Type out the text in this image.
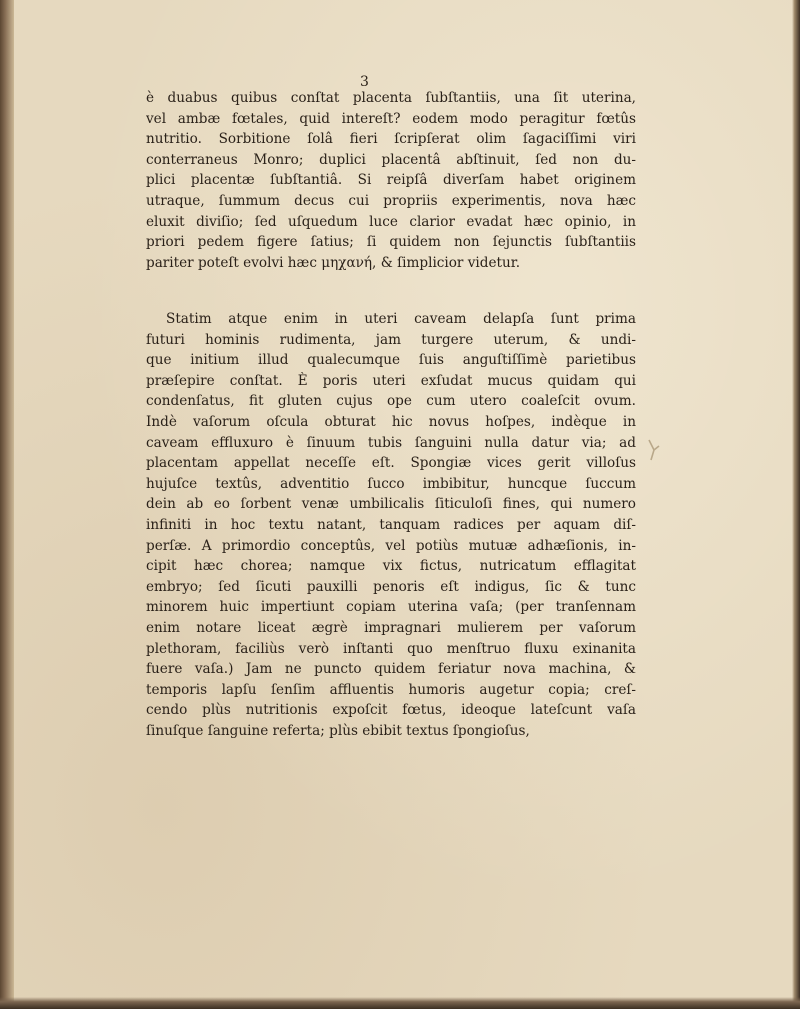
3

è duabus quibus conſtat placenta ſubſtantiis, una ſit uterina,
vel ambæ fœtales, quid intereſt? eodem modo peragitur fœtûs
nutritio. Sorbitione ſolâ fieri ſcripſerat olim ſagaciſſimi viri
conterraneus Monro; duplici placentâ abſtinuit, ſed non du-
plici placentæ ſubſtantiâ. Si reipſâ diverſam habet originem
utraque, ſummum decus cui propriis experimentis, nova hæc
eluxit diviſio; ſed uſquedum luce clarior evadat hæc opinio, in
priori pedem figere ſatius; ſi quidem non ſejunctis ſubſtantiis
pariter poteſt evolvi hæc μηχανή, & ſimplicior videtur.
Statim atque enim in uteri caveam delapſa ſunt prima
futuri hominis rudimenta, jam turgere uterum, & undi-
que initium illud qualecumque ſuis anguſtiſſimè parietibus
præſepire conſtat. È poris uteri exſudat mucus quidam qui
condenſatus, fit gluten cujus ope cum utero coaleſcit ovum.
Indè vaſorum oſcula obturat hic novus hoſpes, indèque in
caveam effluxuro è ſinuum tubis ſanguini nulla datur via; ad
placentam appellat neceſſe eſt. Spongiæ vices gerit villoſus
hujuſce textûs, adventitio ſucco imbibitur, huncque ſuccum
dein ab eo ſorbent venæ umbilicalis ſiticuloſi fines, qui numero
infiniti in hoc textu natant, tanquam radices per aquam diſ-
perſæ. A primordio conceptûs, vel potiùs mutuæ adhæſionis, in-
cipit hæc chorea; namque vix fictus, nutricatum efflagitat
embryo; ſed ſicuti pauxilli penoris eſt indigus, ſic & tunc
minorem huic impertiunt copiam uterina vaſa; (per tranſennam
enim notare liceat ægrè impragnari mulierem per vaſorum
plethoram, faciliùs verò inſtanti quo menſtruo fluxu exinanita
fuere vaſa.) Jam ne puncto quidem feriatur nova machina, &
temporis lapſu ſenſim affluentis humoris augetur copia; creſ-
cendo plùs nutritionis expoſcit fœtus, ideoque lateſcunt vaſa
ſinuſque ſanguine referta; plùs ebibit textus ſpongioſus,
